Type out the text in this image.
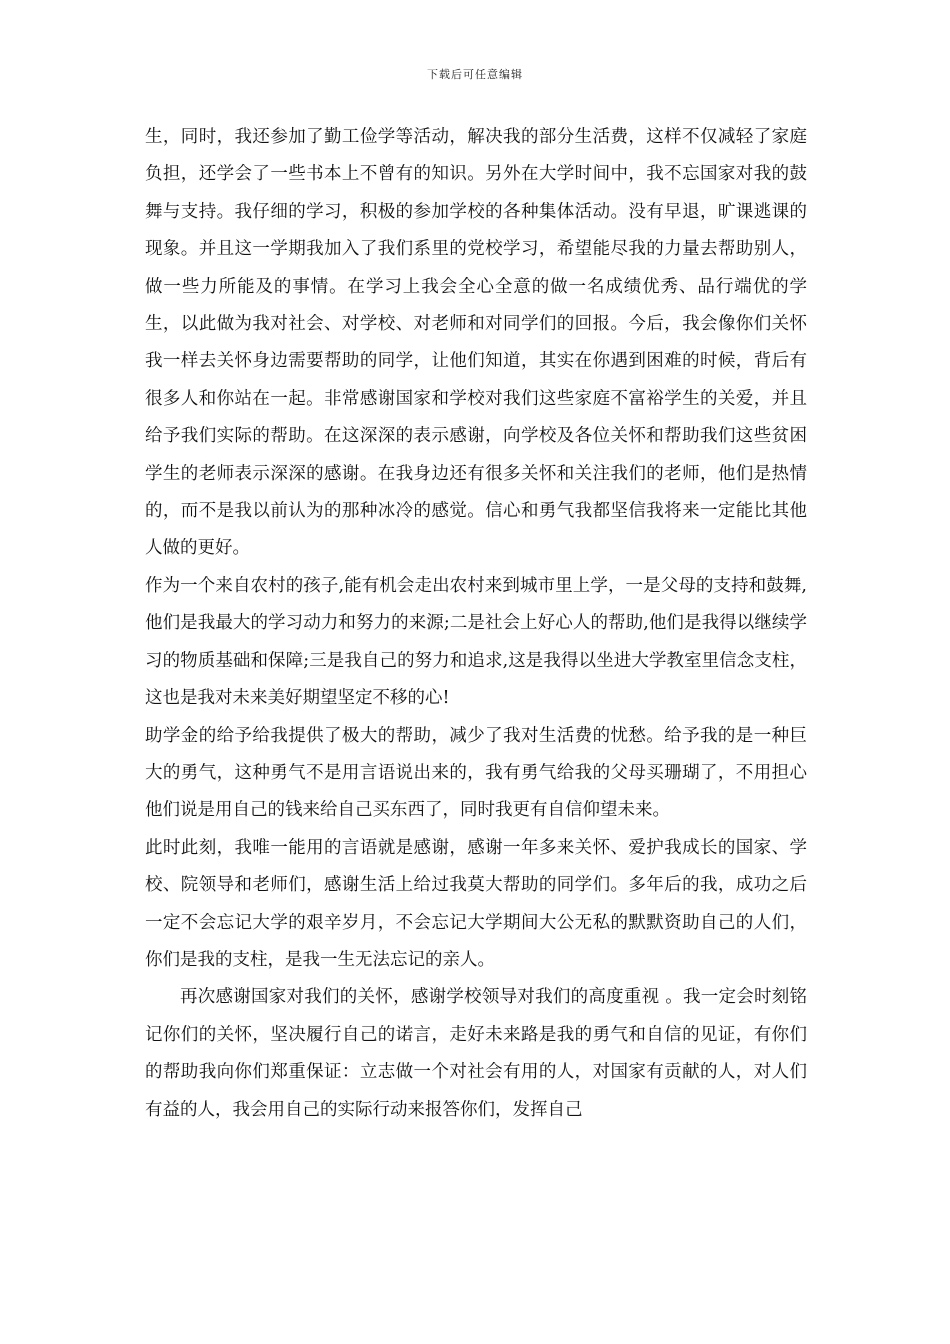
下载后可任意编辑

生，同时，我还参加了勤工俭学等活动，解决我的部分生活费，这样不仅减轻了家庭负担，还学会了一些书本上不曾有的知识。另外在大学时间中，我不忘国家对我的鼓舞与支持。我仔细的学习，积极的参加学校的各种集体活动。没有早退，旷课逃课的现象。并且这一学期我加入了我们系里的党校学习，希望能尽我的力量去帮助别人，做一些力所能及的事情。在学习上我会全心全意的做一名成绩优秀、品行端优的学生，以此做为我对社会、对学校、对老师和对同学们的回报。今后，我会像你们关怀我一样去关怀身边需要帮助的同学，让他们知道，其实在你遇到困难的时候，背后有很多人和你站在一起。非常感谢国家和学校对我们这些家庭不富裕学生的关爱，并且给予我们实际的帮助。在这深深的表示感谢，向学校及各位关怀和帮助我们这些贫困学生的老师表示深深的感谢。在我身边还有很多关怀和关注我们的老师，他们是热情的，而不是我以前认为的那种冰冷的感觉。信心和勇气我都坚信我将来一定能比其他人做的更好。

作为一个来自农村的孩子,能有机会走出农村来到城市里上学，一是父母的支持和鼓舞,他们是我最大的学习动力和努力的来源;二是社会上好心人的帮助,他们是我得以继续学习的物质基础和保障;三是我自己的努力和追求,这是我得以坐进大学教室里信念支柱，这也是我对未来美好期望坚定不移的心!

助学金的给予给我提供了极大的帮助，减少了我对生活费的忧愁。给予我的是一种巨大的勇气，这种勇气不是用言语说出来的，我有勇气给我的父母买珊瑚了，不用担心他们说是用自己的钱来给自己买东西了，同时我更有自信仰望未来。

此时此刻，我唯一能用的言语就是感谢，感谢一年多来关怀、爱护我成长的国家、学校、院领导和老师们，感谢生活上给过我莫大帮助的同学们。多年后的我，成功之后一定不会忘记大学的艰辛岁月，不会忘记大学期间大公无私的默默资助自己的人们，你们是我的支柱，是我一生无法忘记的亲人。

再次感谢国家对我们的关怀，感谢学校领导对我们的高度重视 。我一定会时刻铭记你们的关怀，坚决履行自己的诺言，走好未来路是我的勇气和自信的见证，有你们的帮助我向你们郑重保证：立志做一个对社会有用的人，对国家有贡献的人，对人们有益的人，我会用自己的实际行动来报答你们，发挥自己
